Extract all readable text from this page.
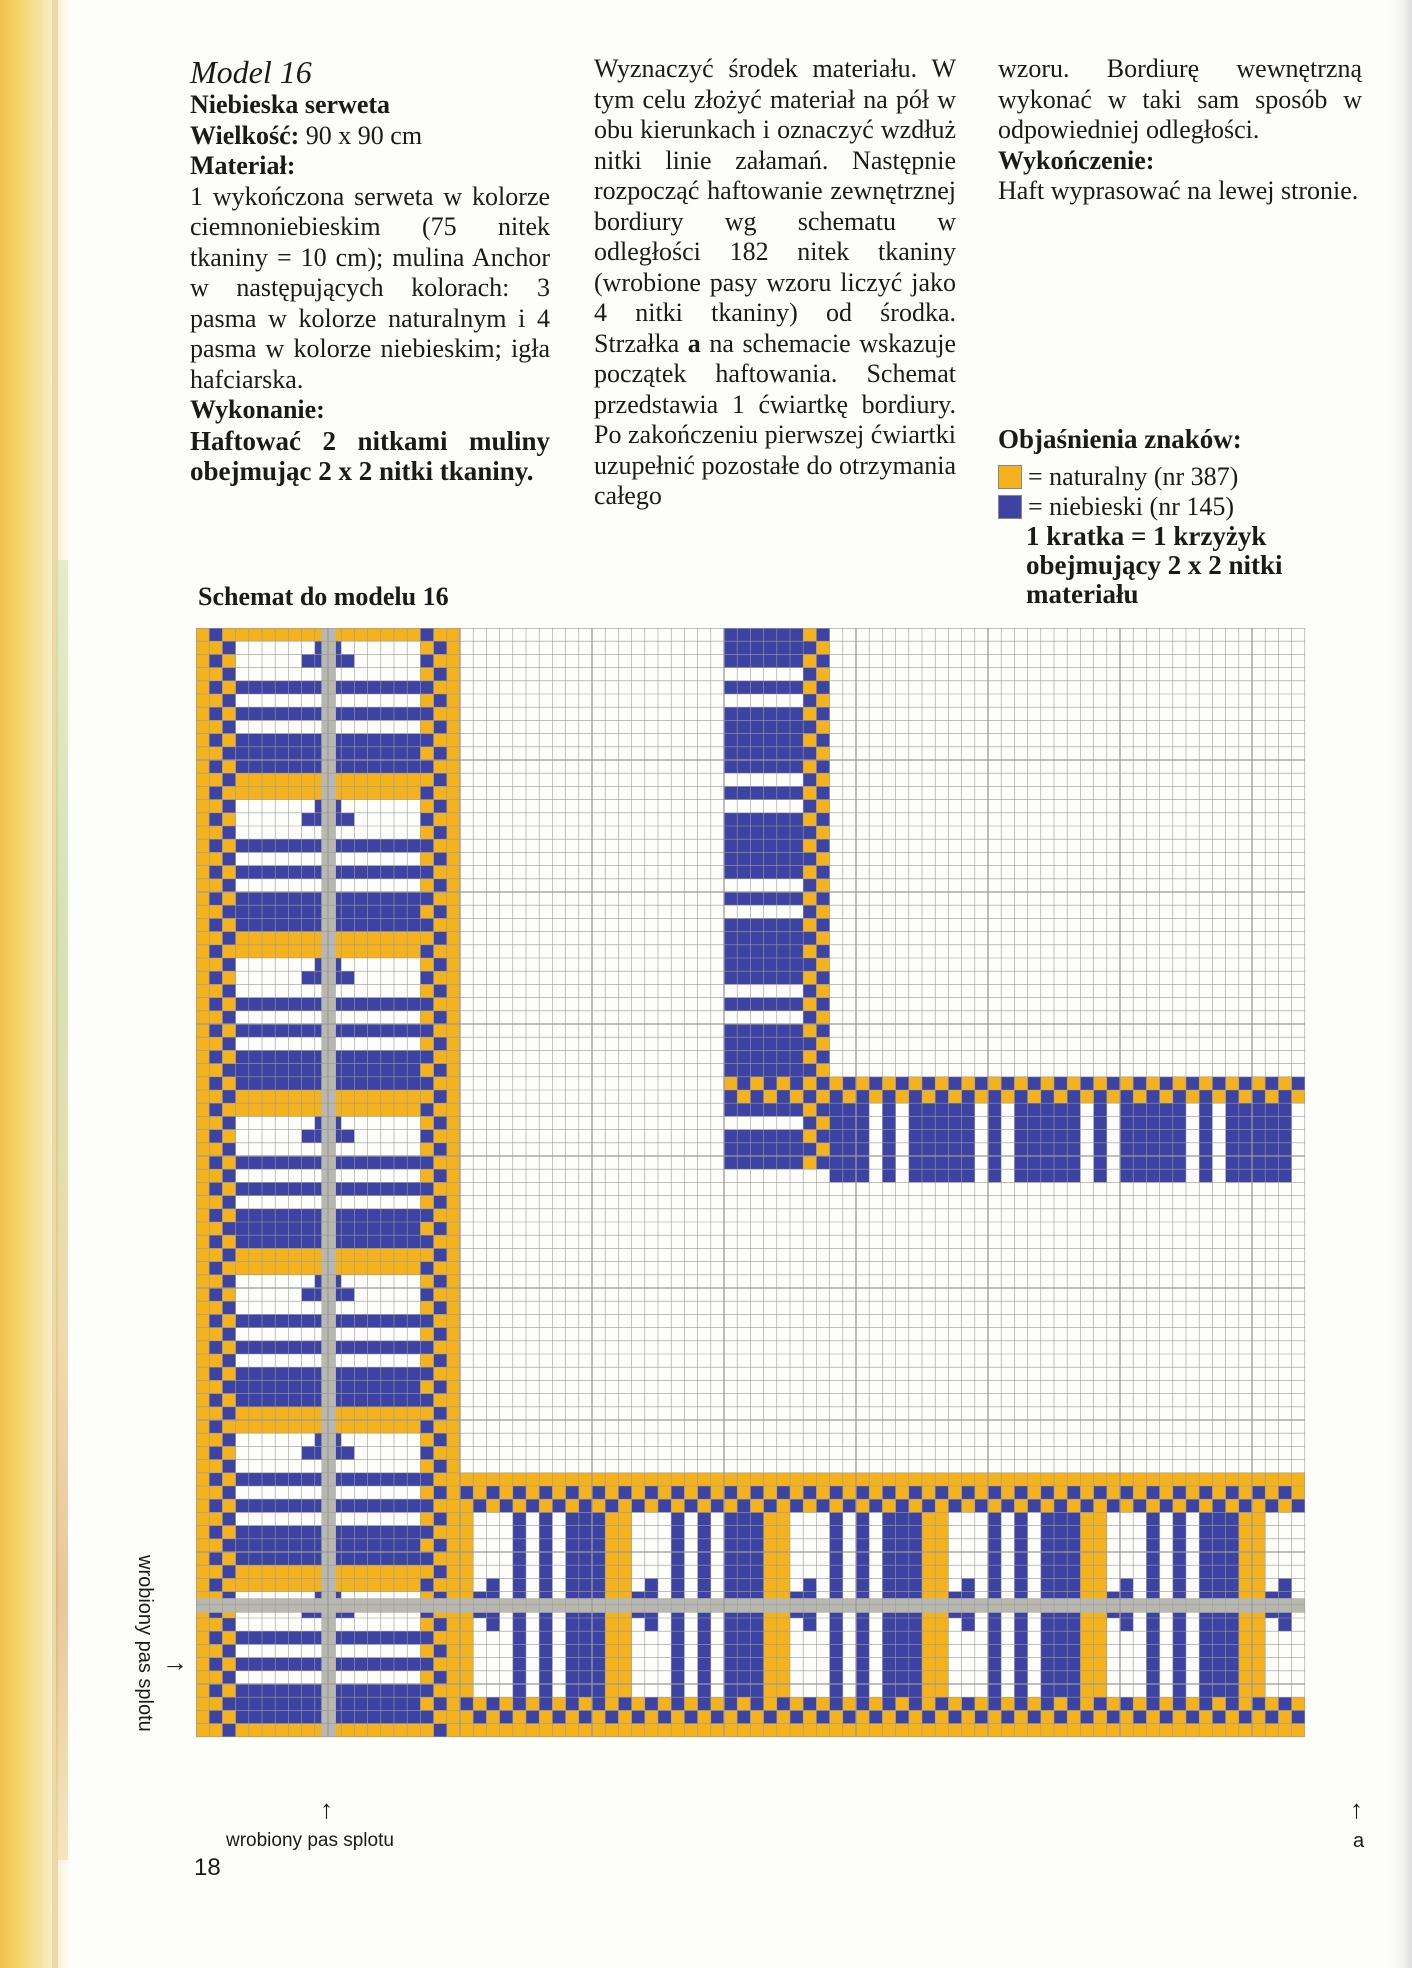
Model 16

Niebieska serweta

Wielkość: 90 x 90 cm

Materiał:

1 wykończona serweta w kolorze ciemnoniebieskim (75 nitek tkaniny = 10 cm); mulina Anchor w następujących kolorach: 3 pasma w kolorze naturalnym i 4 pasma w kolorze niebieskim; igła hafciarska.

Wykonanie:

Haftować 2 nitkami muliny obejmując 2 x 2 nitki tkaniny.

Wyznaczyć środek materiału. W tym celu złożyć materiał na pół w obu kierunkach i oznaczyć wzdłuż nitki linie załamań. Następnie rozpocząć haftowanie zewnętrznej bordiury wg schematu w odległości 182 nitek tkaniny (wrobione pasy wzoru liczyć jako 4 nitki tkaniny) od środka. Strzałka a na schemacie wskazuje początek haftowania. Schemat przedstawia 1 ćwiartkę bordiury. Po zakończeniu pierwszej ćwiartki uzupełnić pozostałe do otrzymania całego

wzoru. Bordiurę wewnętrzną wykonać w taki sam sposób w odpowiedniej odległości.

Wykończenie:

Haft wyprasować na lewej stronie.

Objaśnienia znaków:
= naturalny (nr 387)
= niebieski (nr 145)
1 kratka = 1 krzyżyk obejmujący 2 x 2 nitki materiału
Schemat do modelu 16
wrobiony pas splotu →
↑
wrobiony pas splotu
↑
a
18
